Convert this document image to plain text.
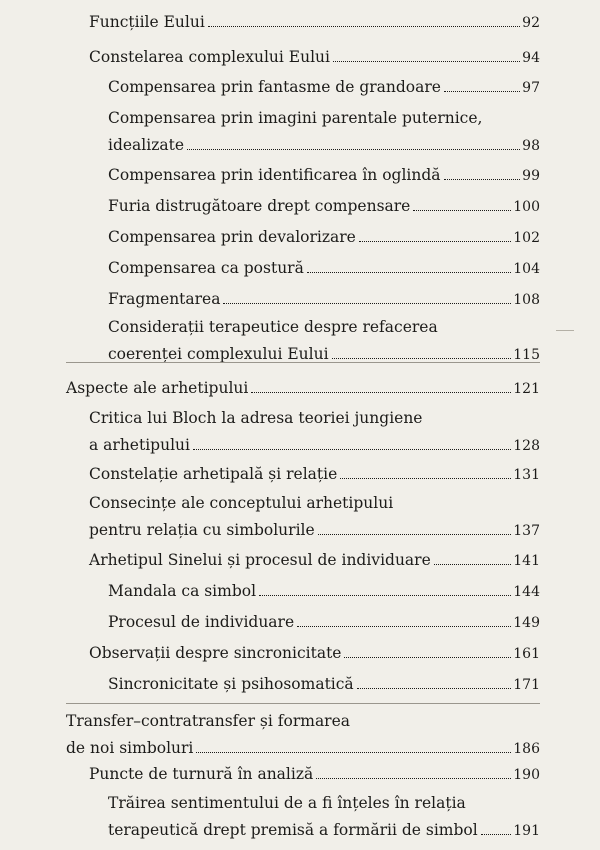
Funcțiile Eului	92
Constelarea complexului Eului	94
Compensarea prin fantasme de grandoare	97
Compensarea prin imagini parentale puternice,
idealizate	98
Compensarea prin identificarea în oglindă	99
Furia distrugătoare drept compensare	100
Compensarea prin devalorizare	102
Compensarea ca postură	104
Fragmentarea	108
Considerații terapeutice despre refacerea
coerenței complexului Eului	115
Aspecte ale arhetipului	121
Critica lui Bloch la adresa teoriei jungiene
a arhetipului	128
Constelație arhetipală și relație	131
Consecințe ale conceptului arhetipului
pentru relația cu simbolurile	137
Arhetipul Sinelui și procesul de individuare	141
Mandala ca simbol	144
Procesul de individuare	149
Observații despre sincronicitate	161
Sincronicitate și psihosomatică	171
Transfer–contratransfer și formarea
de noi simboluri	186
Puncte de turnură în analiză	190
Trăirea sentimentului de a fi înțeles în relația
terapeutică drept premisă a formării de simbol	191
